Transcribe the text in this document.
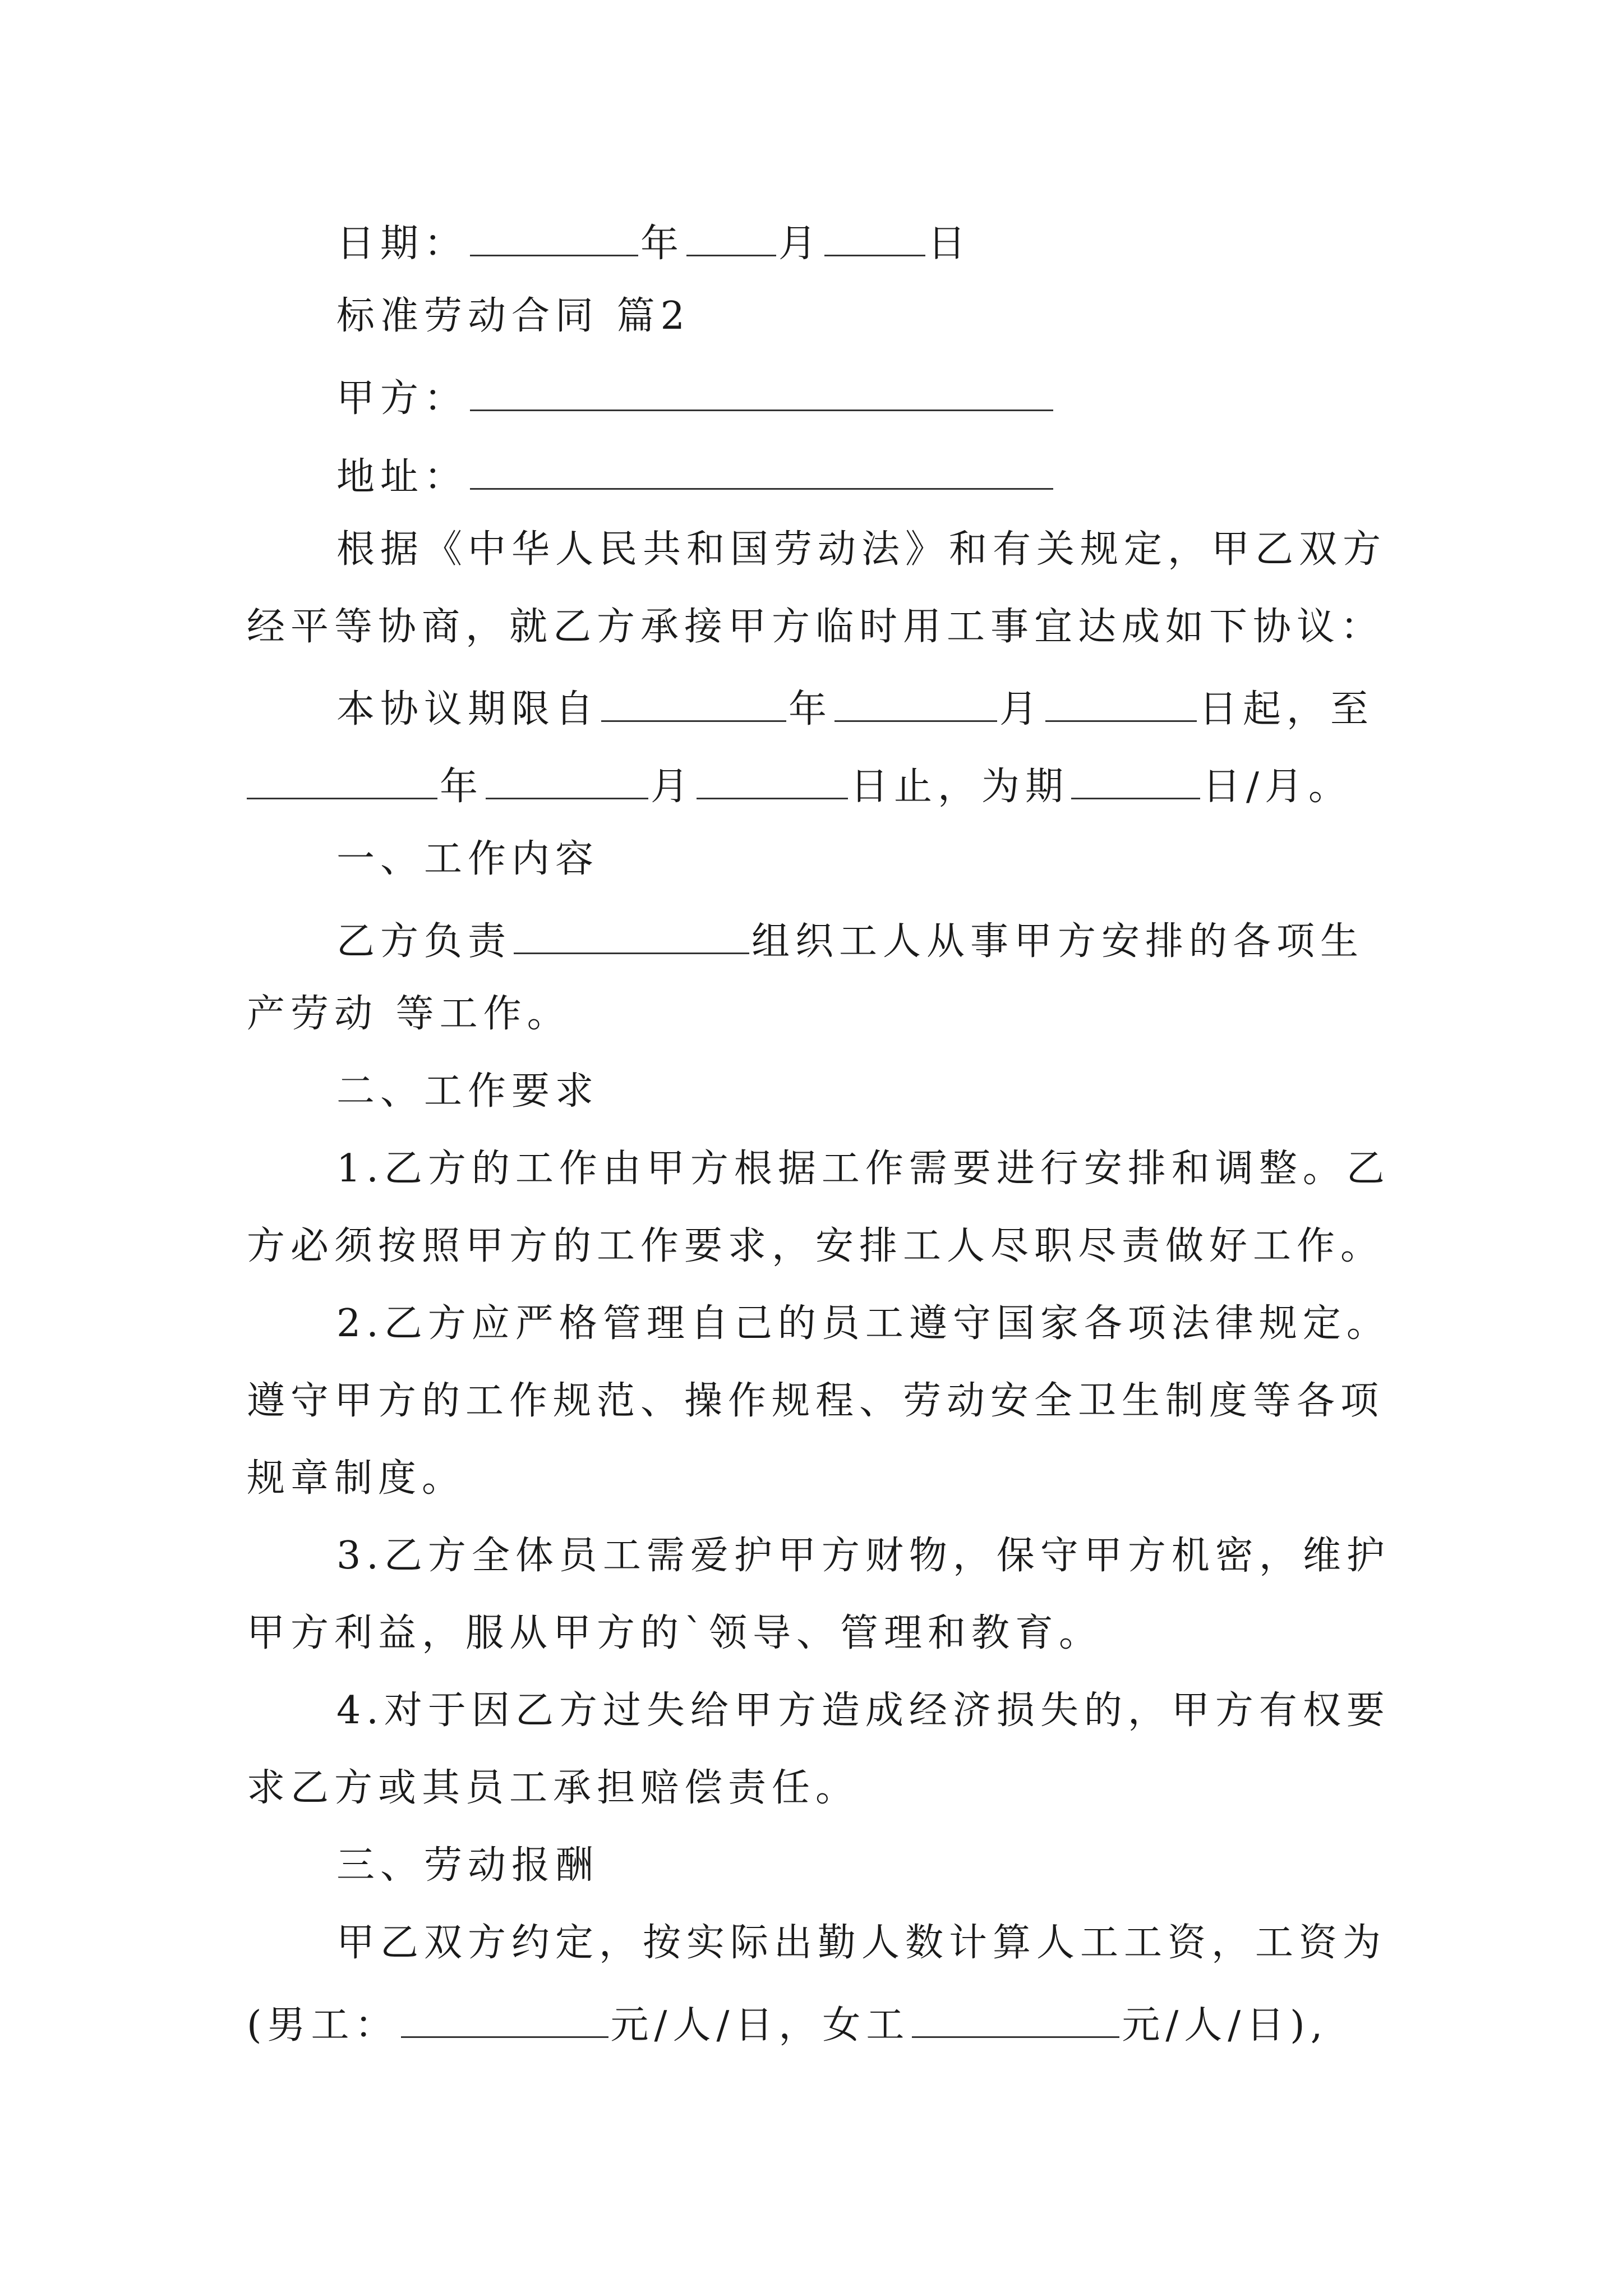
日期：	年 月	日
标准劳动合同 篇2
甲方：
地址：
根据《中华人民共和国劳动法》和有关规定，甲乙双方
经平等协商，就乙方承接甲方临时用工事宜达成如下协议：
本协议期限自	年	月	日起，至
年	月	日止，为期	日/月。
一、工作内容
乙方负责	组织工人从事甲方安排的各项生
产劳动 等工作。
二、工作要求
1.乙方的工作由甲方根据工作需要进行安排和调整。乙
方必须按照甲方的工作要求，安排工人尽职尽责做好工作。
2.乙方应严格管理自己的员工遵守国家各项法律规定。
遵守甲方的工作规范、操作规程、劳动安全卫生制度等各项
规章制度。
3.乙方全体员工需爱护甲方财物，保守甲方机密，维护
甲方利益，服从甲方的`领导、管理和教育。
4.对于因乙方过失给甲方造成经济损失的，甲方有权要
求乙方或其员工承担赔偿责任。
三、劳动报酬
甲乙双方约定，按实际出勤人数计算人工工资，工资为
(男工：	元/人/日，女工	元/人/日),
